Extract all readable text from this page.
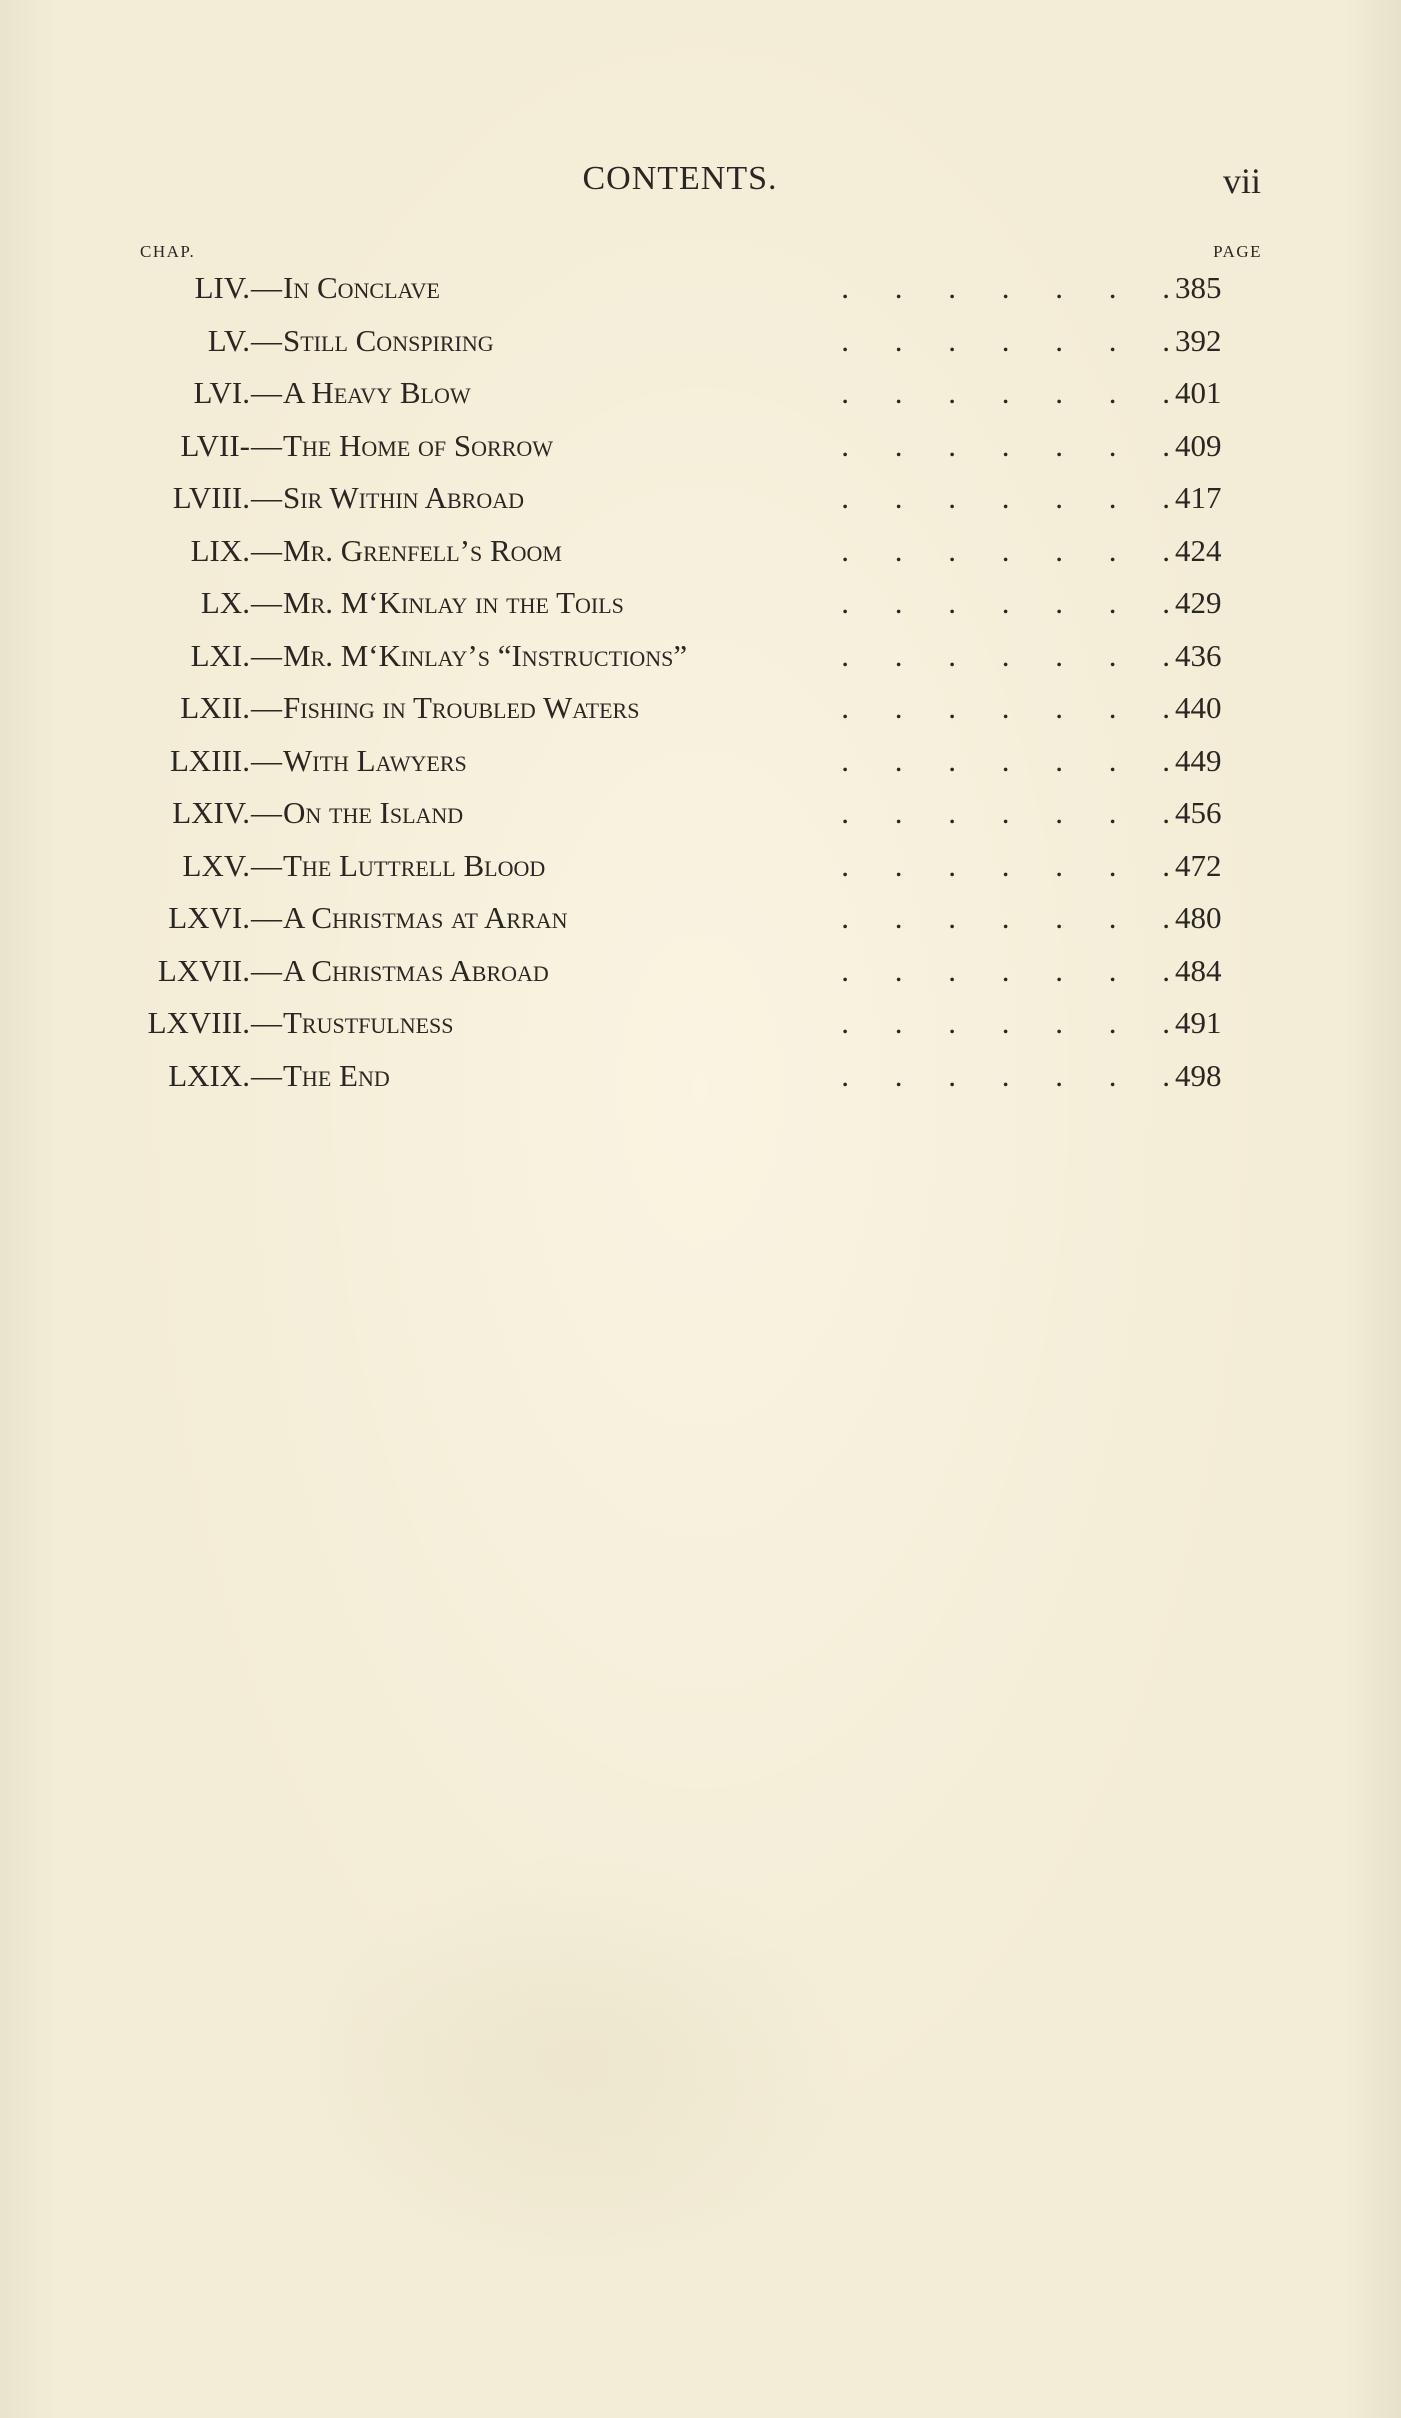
CONTENTS.	vii
CHAP.	PAGE
LIV. — In Conclave	. . . . . . . 385
LV. — Still Conspiring	. . . . . . . 392
LVI. — A Heavy Blow	. . . . . . . 401
LVII- — The Home of Sorrow	. . . . . . . 409
LVIII. — Sir Within Abroad	. . . . . . . 417
LIX. — Mr. Grenfell’s Room	. . . . . . . 424
LX. — Mr. M‘Kinlay in the Toils	. . . . . . . 429
LXI. — Mr. M‘Kinlay’s “Instructions”	. . . . . . . 436
LXII. — Fishing in Troubled Waters	. . . . . . . 440
LXIII. — With Lawyers	. . . . . . . 449
LXIV. — On the Island	. . . . . . . 456
LXV. — The Luttrell Blood	. . . . . . . 472
LXVI. — A Christmas at Arran	. . . . . . . 480
LXVII. — A Christmas Abroad	. . . . . . . 484
LXVIII. — Trustfulness	. . . . . . . 491
LXIX. — The End	. . . . . . . 498
